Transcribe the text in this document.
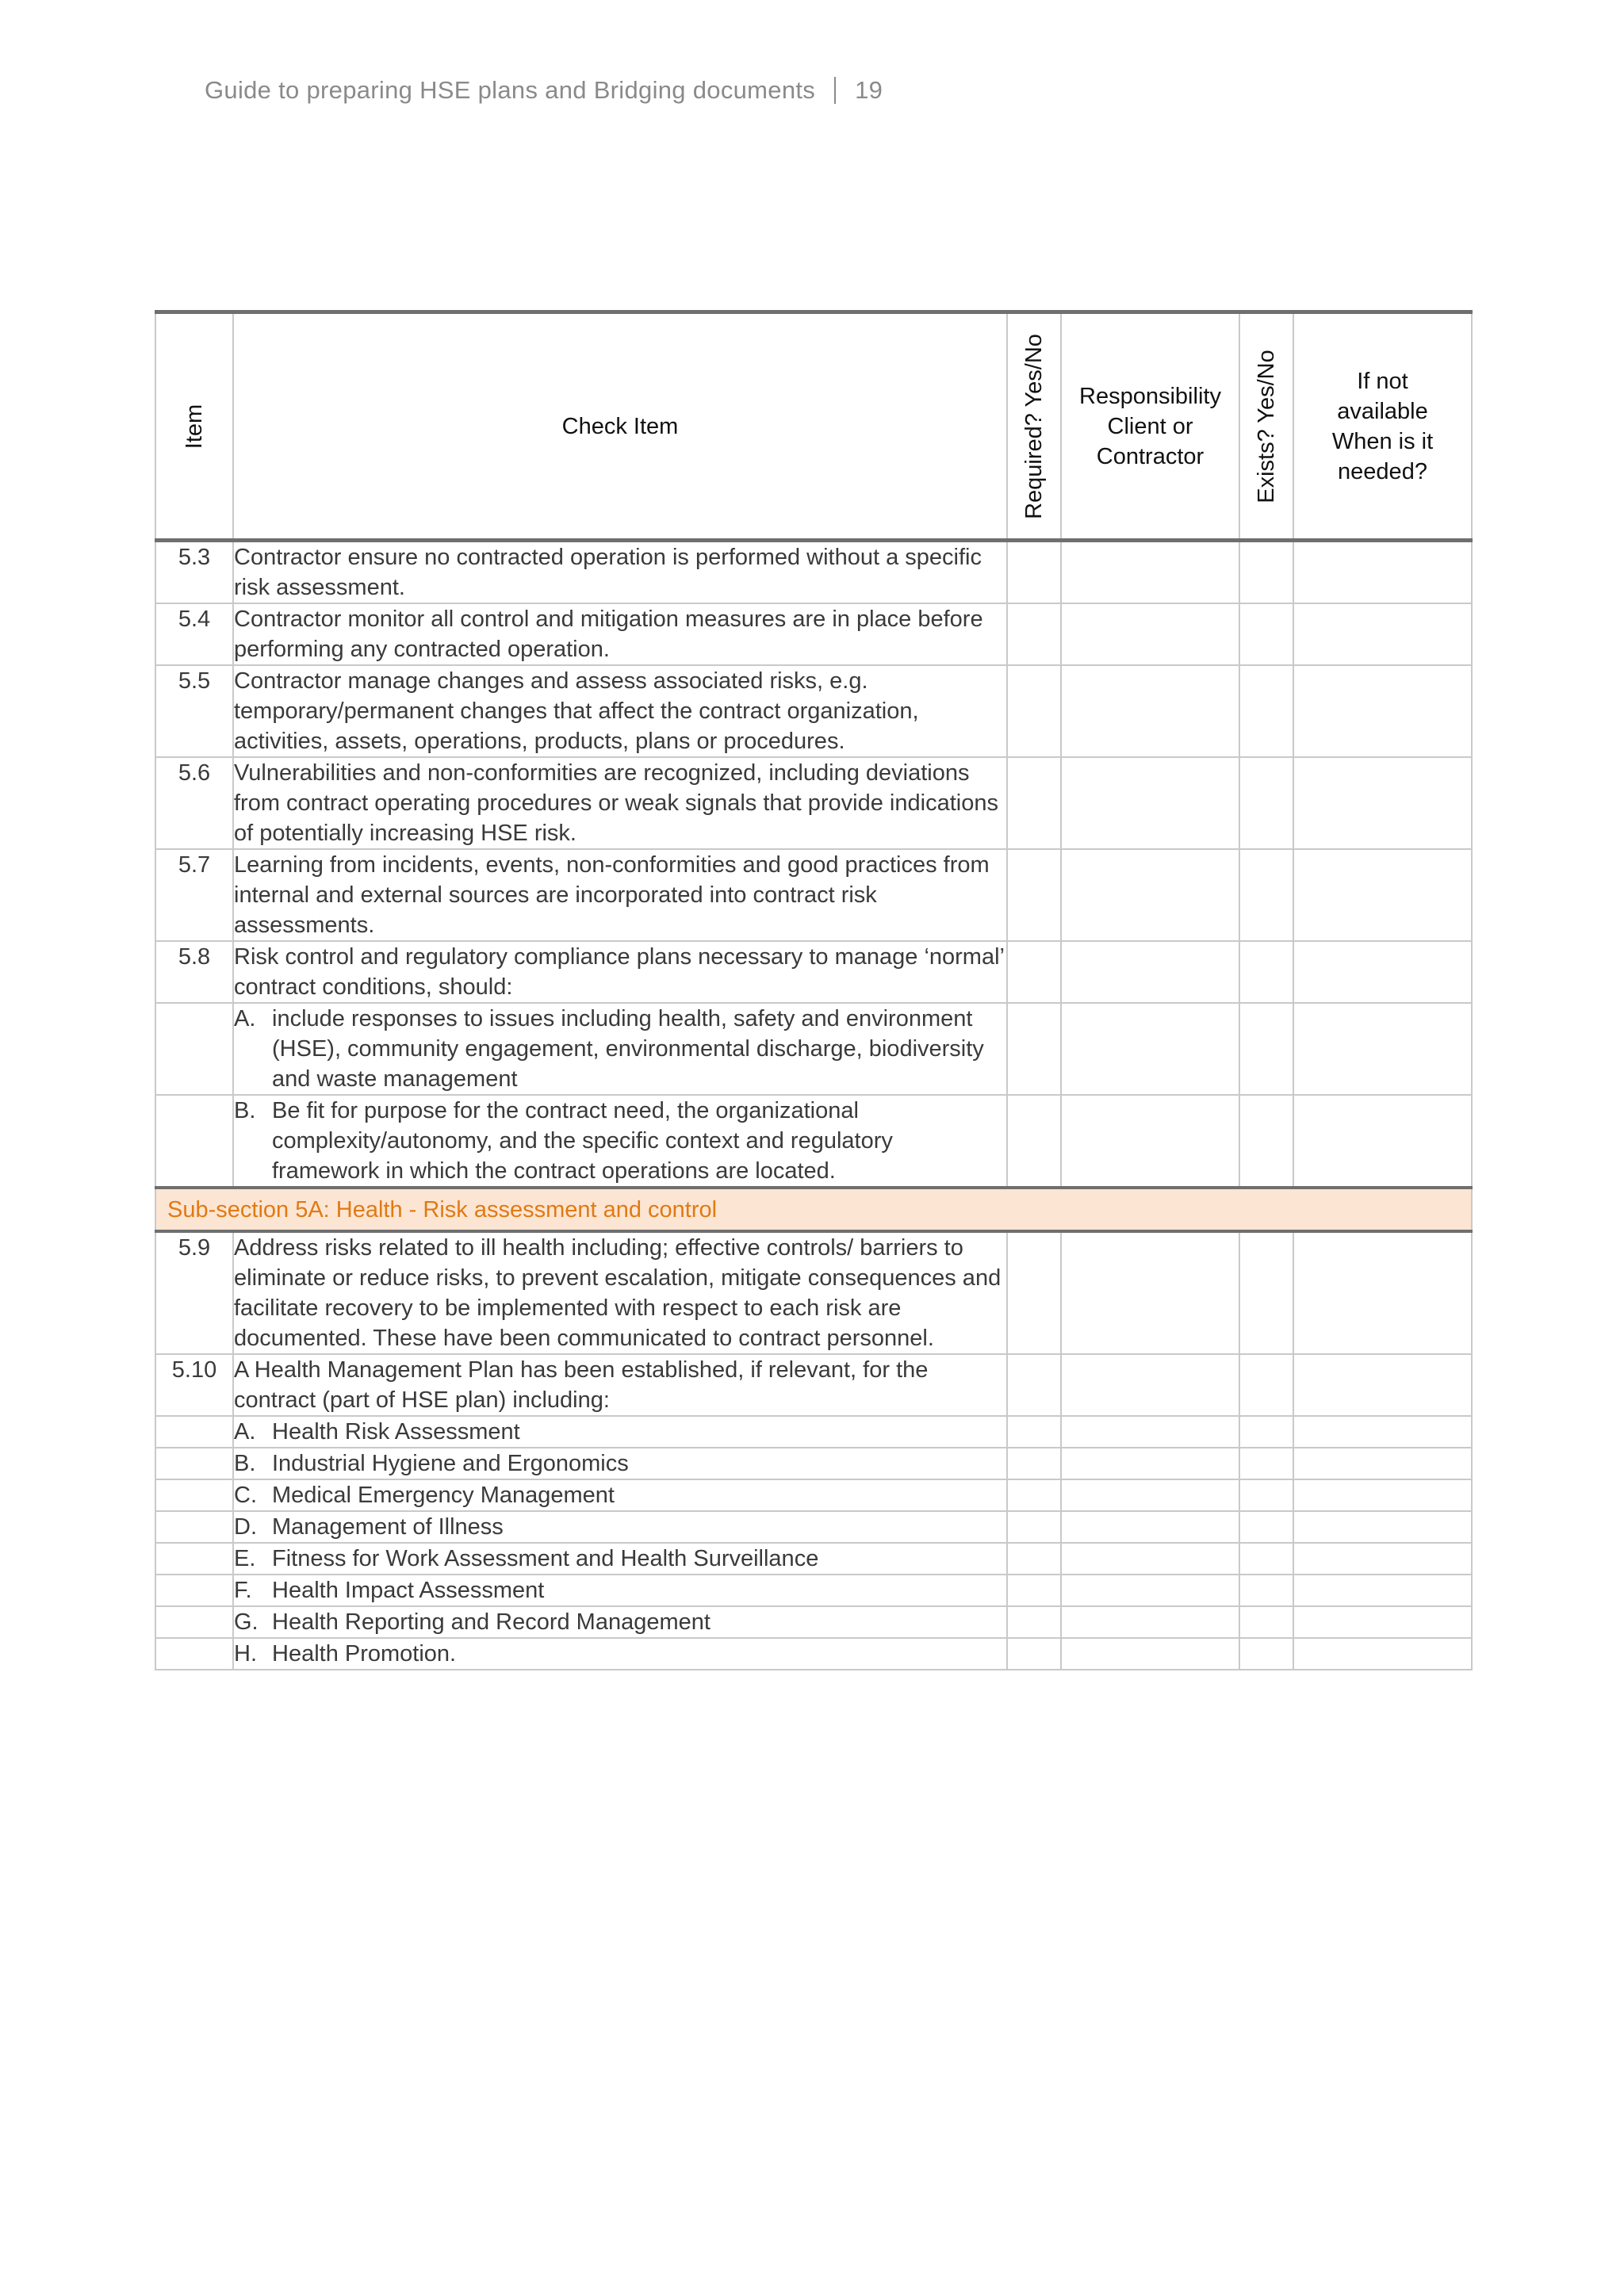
Guide to preparing HSE plans and Bridging documents 19
Item	Check Item	Required? Yes/No	Responsibility Client or Contractor	Exists? Yes/No	If not available When is it needed?
5.3	Contractor ensure no contracted operation is performed without a specific risk assessment.				
5.4	Contractor monitor all control and mitigation measures are in place before performing any contracted operation.				
5.5	Contractor manage changes and assess associated risks, e.g. temporary/permanent changes that affect the contract organization, activities, assets, operations, products, plans or procedures.				
5.6	Vulnerabilities and non-conformities are recognized, including deviations from contract operating procedures or weak signals that provide indications of potentially increasing HSE risk.				
5.7	Learning from incidents, events, non-conformities and good practices from internal and external sources are incorporated into contract risk assessments.				
5.8	Risk control and regulatory compliance plans necessary to manage ‘normal’ contract conditions, should:				

	A. include responses to issues including health, safety and environment (HSE), community engagement, environmental discharge, biodiversity and waste management				

	B. Be fit for purpose for the contract need, the organizational complexity/autonomy, and the specific context and regulatory framework in which the contract operations are located.				

Sub-section 5A: Health - Risk assessment and control					
5.9	Address risks related to ill health including; effective controls/ barriers to eliminate or reduce risks, to prevent escalation, mitigate consequences and facilitate recovery to be implemented with respect to each risk are documented. These have been communicated to contract personnel.				
5.10	A Health Management Plan has been established, if relevant, for the contract (part of HSE plan) including:				

	A. Health Risk Assessment				

	B. Industrial Hygiene and Ergonomics				

	C. Medical Emergency Management				

	D. Management of Illness				

	E. Fitness for Work Assessment and Health Surveillance				

	F. Health Impact Assessment				

	G. Health Reporting and Record Management				

	H. Health Promotion.				
